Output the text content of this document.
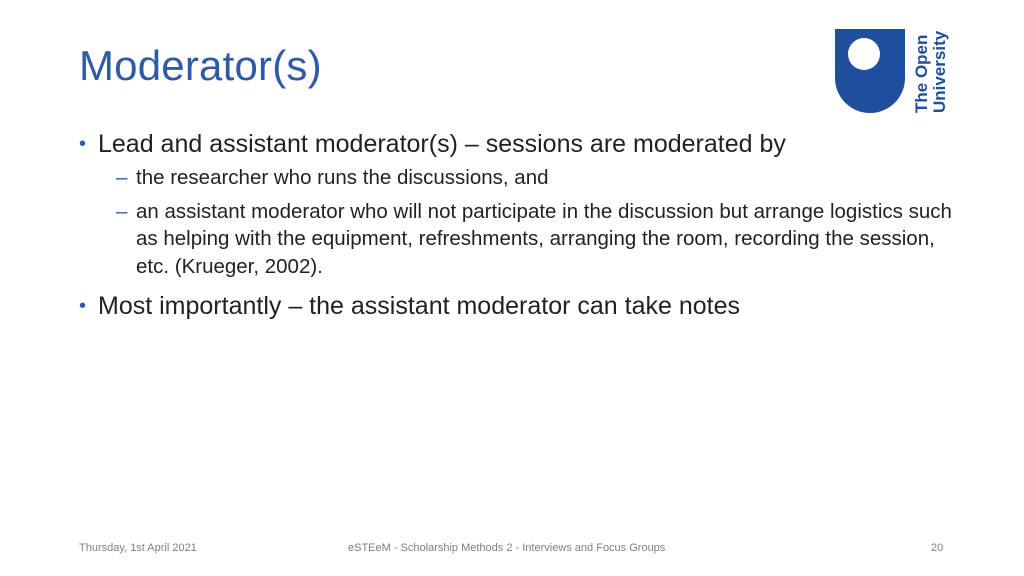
Moderator(s)	The Open University
• Lead and assistant moderator(s) – sessions are moderated by
– the researcher who runs the discussions, and
– an assistant moderator who will not participate in the discussion but arrange logistics such as helping with the equipment, refreshments, arranging the room, recording the session, etc. (Krueger, 2002).
• Most importantly – the assistant moderator can take notes
Thursday, 1st April 2021	eSTEeM - Scholarship Methods 2 - Interviews and Focus Groups	20
